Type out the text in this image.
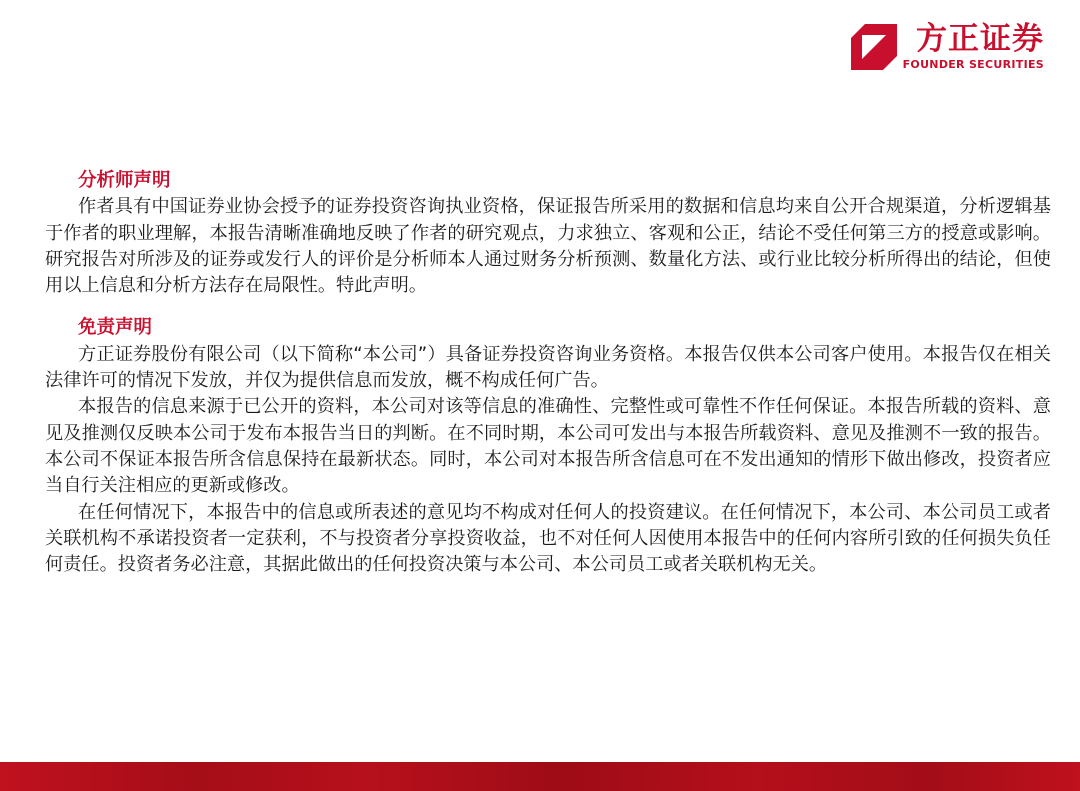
方正证券
FOUNDER SECURITIES
分析师声明

作者具有中国证券业协会授予的证券投资咨询执业资格，保证报告所采用的数据和信息均来自公开合规渠道，分析逻辑基于作者的职业理解，本报告清晰准确地反映了作者的研究观点，力求独立、客观和公正，结论不受任何第三方的授意或影响。研究报告对所涉及的证券或发行人的评价是分析师本人通过财务分析预测、数量化方法、或行业比较分析所得出的结论，但使用以上信息和分析方法存在局限性。特此声明。

免责声明

方正证券股份有限公司（以下简称“本公司”）具备证券投资咨询业务资格。本报告仅供本公司客户使用。本报告仅在相关法律许可的情况下发放，并仅为提供信息而发放，概不构成任何广告。

本报告的信息来源于已公开的资料，本公司对该等信息的准确性、完整性或可靠性不作任何保证。本报告所载的资料、意见及推测仅反映本公司于发布本报告当日的判断。在不同时期，本公司可发出与本报告所载资料、意见及推测不一致的报告。本公司不保证本报告所含信息保持在最新状态。同时，本公司对本报告所含信息可在不发出通知的情形下做出修改，投资者应当自行关注相应的更新或修改。

在任何情况下，本报告中的信息或所表述的意见均不构成对任何人的投资建议。在任何情况下，本公司、本公司员工或者关联机构不承诺投资者一定获利，不与投资者分享投资收益，也不对任何人因使用本报告中的任何内容所引致的任何损失负任何责任。投资者务必注意，其据此做出的任何投资决策与本公司、本公司员工或者关联机构无关。
